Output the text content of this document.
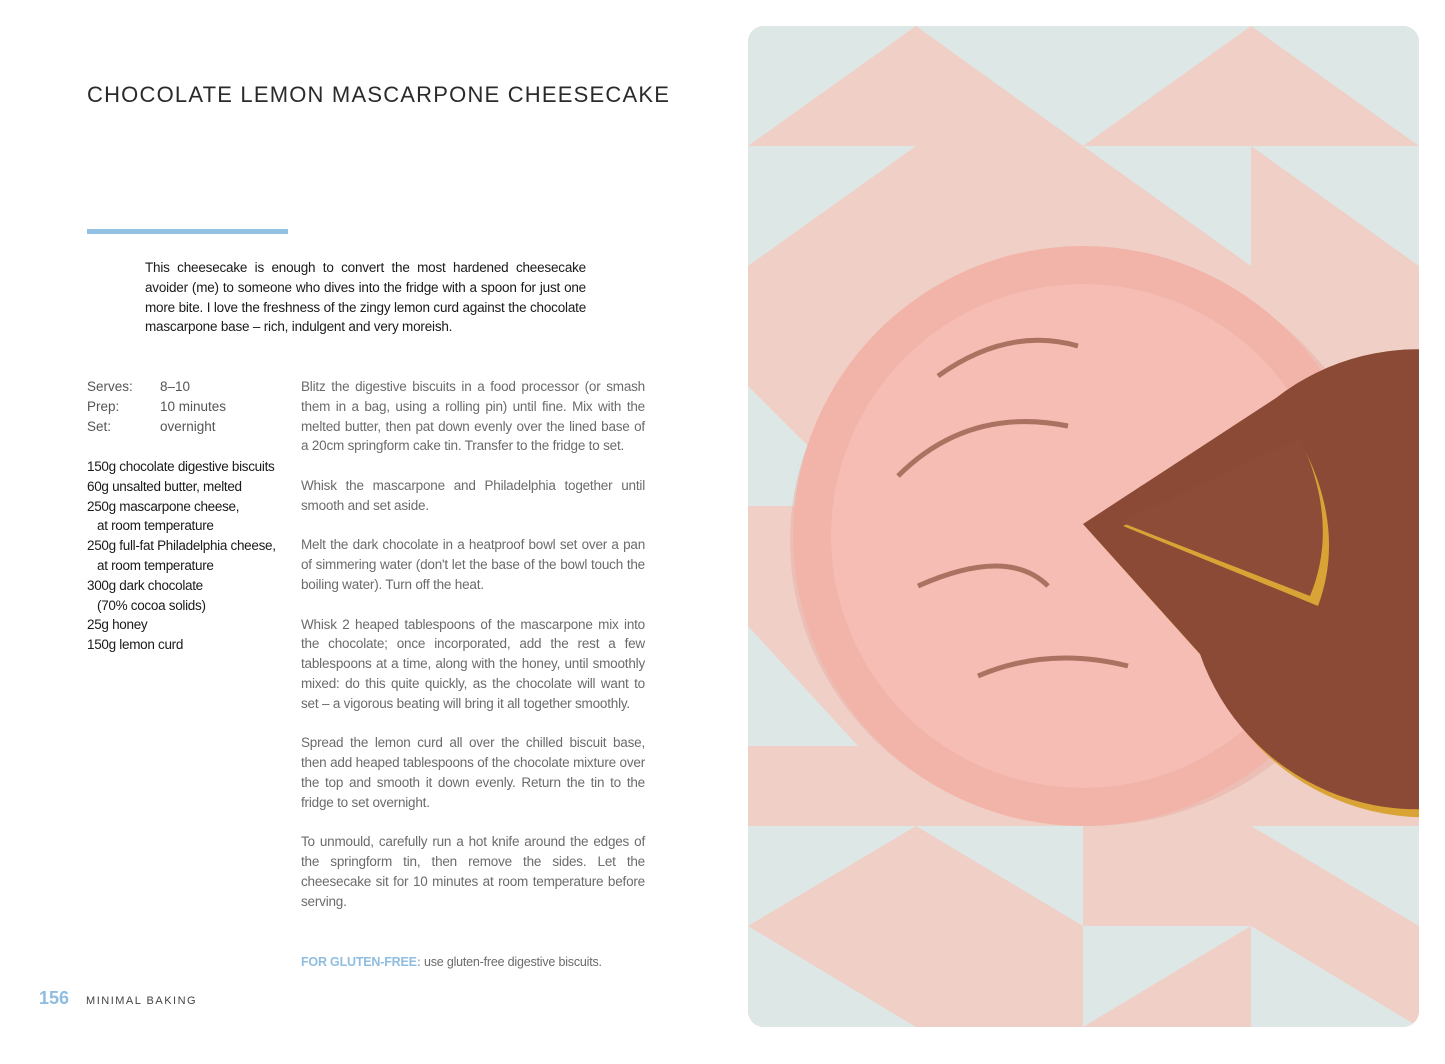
CHOCOLATE LEMON MASCARPONE CHEESECAKE

This cheesecake is enough to convert the most hardened cheesecake avoider (me) to someone who dives into the fridge with a spoon for just one more bite. I love the freshness of the zingy lemon curd against the chocolate mascarpone base – rich, indulgent and very moreish.

Serves:	8–10
Prep:	10 minutes
Set:	overnight
150g chocolate digestive biscuits
60g unsalted butter, melted
250g mascarpone cheese,
at room temperature
250g full-fat Philadelphia cheese,
at room temperature
300g dark chocolate
(70% cocoa solids)
25g honey
150g lemon curd

Blitz the digestive biscuits in a food processor (or smash them in a bag, using a rolling pin) until fine. Mix with the melted butter, then pat down evenly over the lined base of a 20cm springform cake tin. Transfer to the fridge to set.

Whisk the mascarpone and Philadelphia together until smooth and set aside.

Melt the dark chocolate in a heatproof bowl set over a pan of simmering water (don't let the base of the bowl touch the boiling water). Turn off the heat.

Whisk 2 heaped tablespoons of the mascarpone mix into the chocolate; once incorporated, add the rest a few tablespoons at a time, along with the honey, until smoothly mixed: do this quite quickly, as the chocolate will want to set – a vigorous beating will bring it all together smoothly.

Spread the lemon curd all over the chilled biscuit base, then add heaped tablespoons of the chocolate mixture over the top and smooth it down evenly. Return the tin to the fridge to set overnight.

To unmould, carefully run a hot knife around the edges of the springform tin, then remove the sides. Let the cheesecake sit for 10 minutes at room temperature before serving.

FOR GLUTEN-FREE: use gluten-free digestive biscuits.
156 MINIMAL BAKING
